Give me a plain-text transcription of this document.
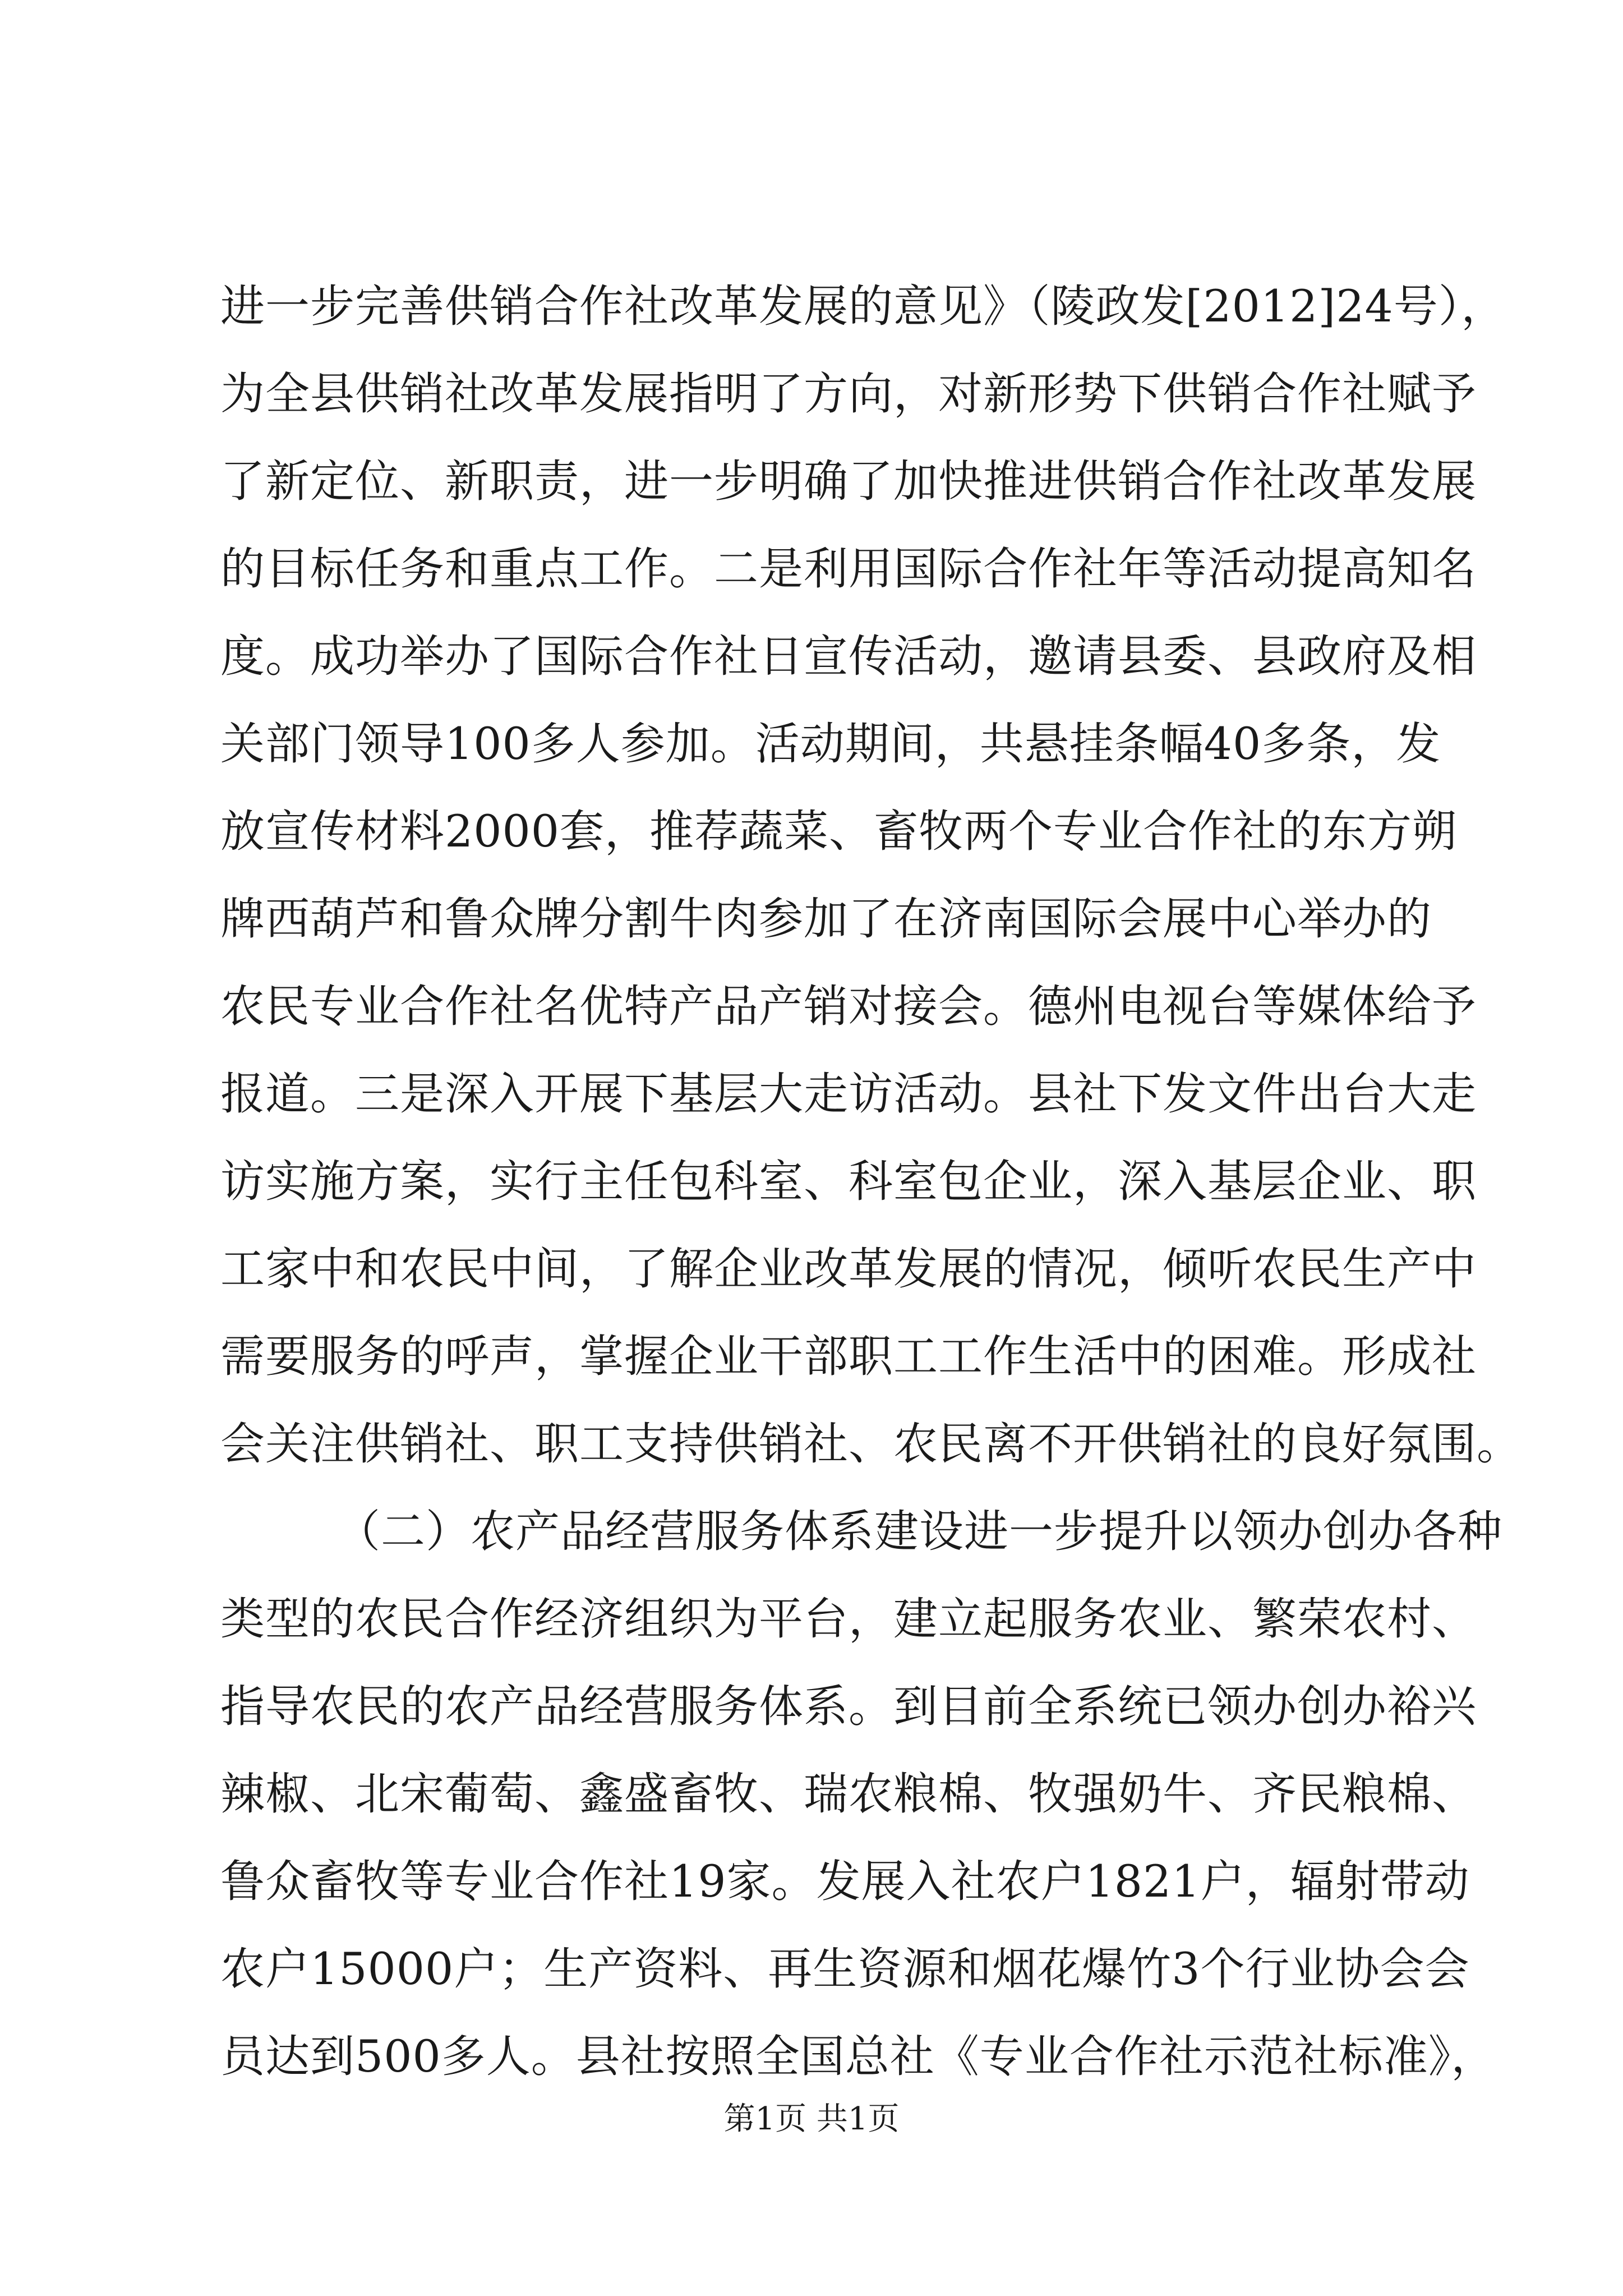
进一步完善供销合作社改革发展的意见》（陵政发[2012]24号），
为全县供销社改革发展指明了方向，对新形势下供销合作社赋予
了新定位、新职责，进一步明确了加快推进供销合作社改革发展
的目标任务和重点工作。二是利用国际合作社年等活动提高知名
度。成功举办了国际合作社日宣传活动，邀请县委、县政府及相
关部门领导100多人参加。活动期间，共悬挂条幅40多条，发
放宣传材料2000套，推荐蔬菜、畜牧两个专业合作社的东方朔
牌西葫芦和鲁众牌分割牛肉参加了在济南国际会展中心举办的
农民专业合作社名优特产品产销对接会。德州电视台等媒体给予
报道。三是深入开展下基层大走访活动。县社下发文件出台大走
访实施方案，实行主任包科室、科室包企业，深入基层企业、职
工家中和农民中间，了解企业改革发展的情况，倾听农民生产中
需要服务的呼声，掌握企业干部职工工作生活中的困难。形成社
会关注供销社、职工支持供销社、农民离不开供销社的良好氛围。
（二）农产品经营服务体系建设进一步提升以领办创办各种
类型的农民合作经济组织为平台，建立起服务农业、繁荣农村、
指导农民的农产品经营服务体系。到目前全系统已领办创办裕兴
辣椒、北宋葡萄、鑫盛畜牧、瑞农粮棉、牧强奶牛、齐民粮棉、
鲁众畜牧等专业合作社19家。发展入社农户1821户，辐射带动
农户15000户；生产资料、再生资源和烟花爆竹3个行业协会会
员达到500多人。县社按照全国总社《专业合作社示范社标准》，
第1页 共1页
